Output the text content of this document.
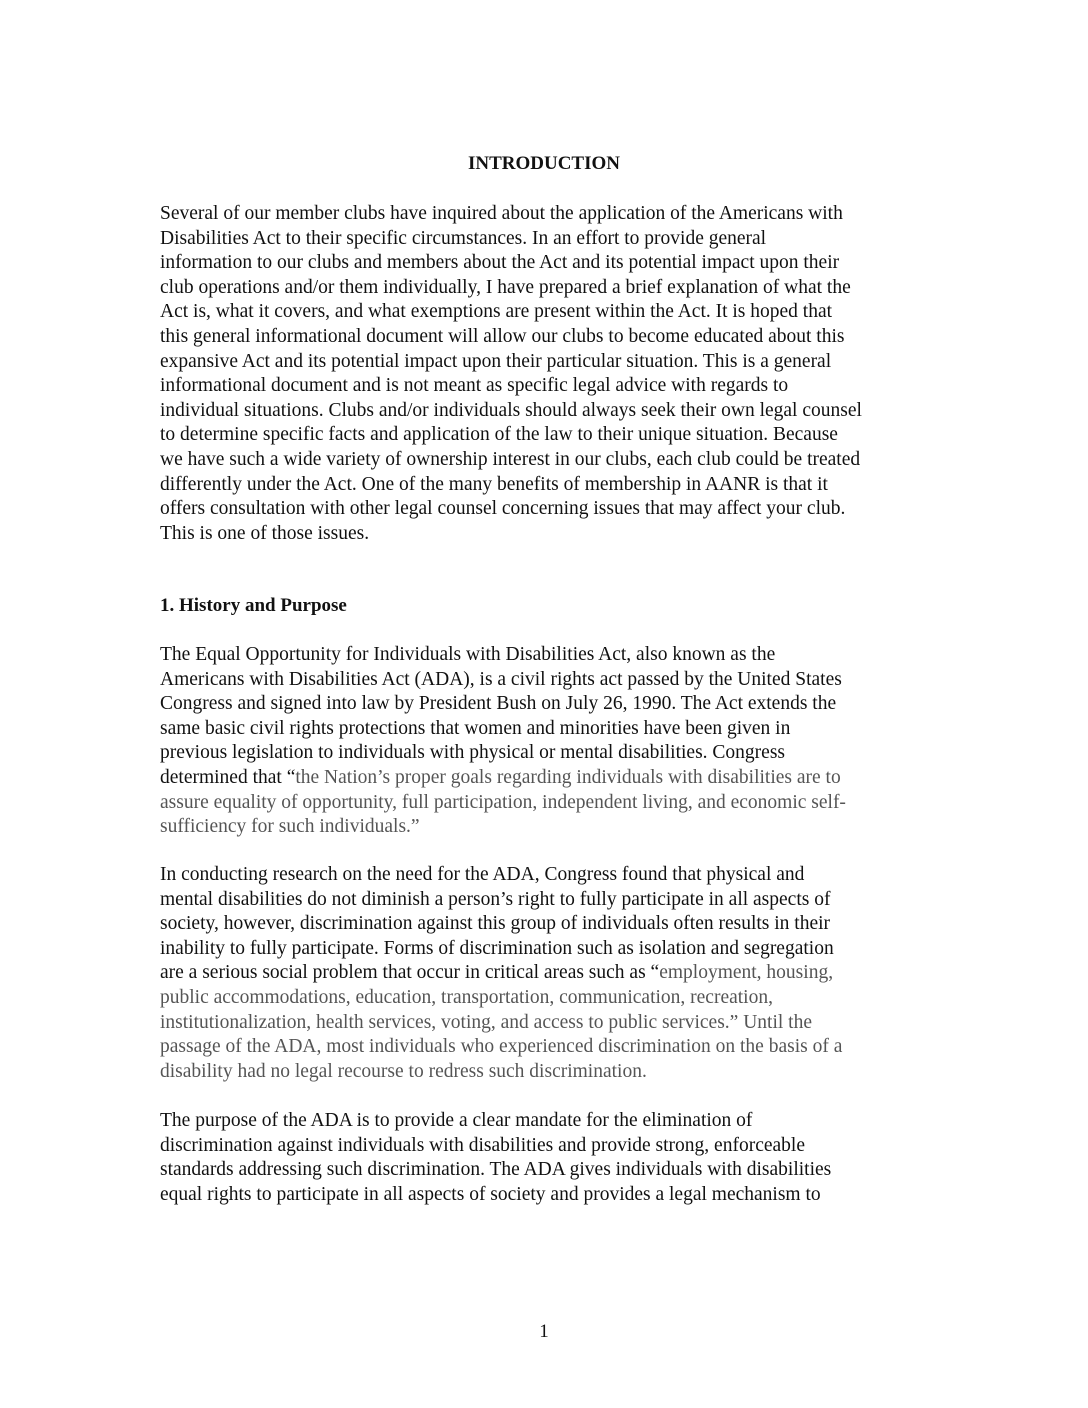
INTRODUCTION

Several of our member clubs have inquired about the application of the Americans with
Disabilities Act to their specific circumstances. In an effort to provide general
information to our clubs and members about the Act and its potential impact upon their
club operations and/or them individually, I have prepared a brief explanation of what the
Act is, what it covers, and what exemptions are present within the Act. It is hoped that
this general informational document will allow our clubs to become educated about this
expansive Act and its potential impact upon their particular situation. This is a general
informational document and is not meant as specific legal advice with regards to
individual situations. Clubs and/or individuals should always seek their own legal counsel
to determine specific facts and application of the law to their unique situation. Because
we have such a wide variety of ownership interest in our clubs, each club could be treated
differently under the Act. One of the many benefits of membership in AANR is that it
offers consultation with other legal counsel concerning issues that may affect your club.
This is one of those issues.

1. History and Purpose

The Equal Opportunity for Individuals with Disabilities Act, also known as the
Americans with Disabilities Act (ADA), is a civil rights act passed by the United States
Congress and signed into law by President Bush on July 26, 1990. The Act extends the
same basic civil rights protections that women and minorities have been given in
previous legislation to individuals with physical or mental disabilities. Congress
determined that “the Nation’s proper goals regarding individuals with disabilities are to
assure equality of opportunity, full participation, independent living, and economic self-
sufficiency for such individuals.”

In conducting research on the need for the ADA, Congress found that physical and
mental disabilities do not diminish a person’s right to fully participate in all aspects of
society, however, discrimination against this group of individuals often results in their
inability to fully participate. Forms of discrimination such as isolation and segregation
are a serious social problem that occur in critical areas such as “employment, housing,
public accommodations, education, transportation, communication, recreation,
institutionalization, health services, voting, and access to public services.” Until the
passage of the ADA, most individuals who experienced discrimination on the basis of a
disability had no legal recourse to redress such discrimination.

The purpose of the ADA is to provide a clear mandate for the elimination of
discrimination against individuals with disabilities and provide strong, enforceable
standards addressing such discrimination. The ADA gives individuals with disabilities
equal rights to participate in all aspects of society and provides a legal mechanism to

1
